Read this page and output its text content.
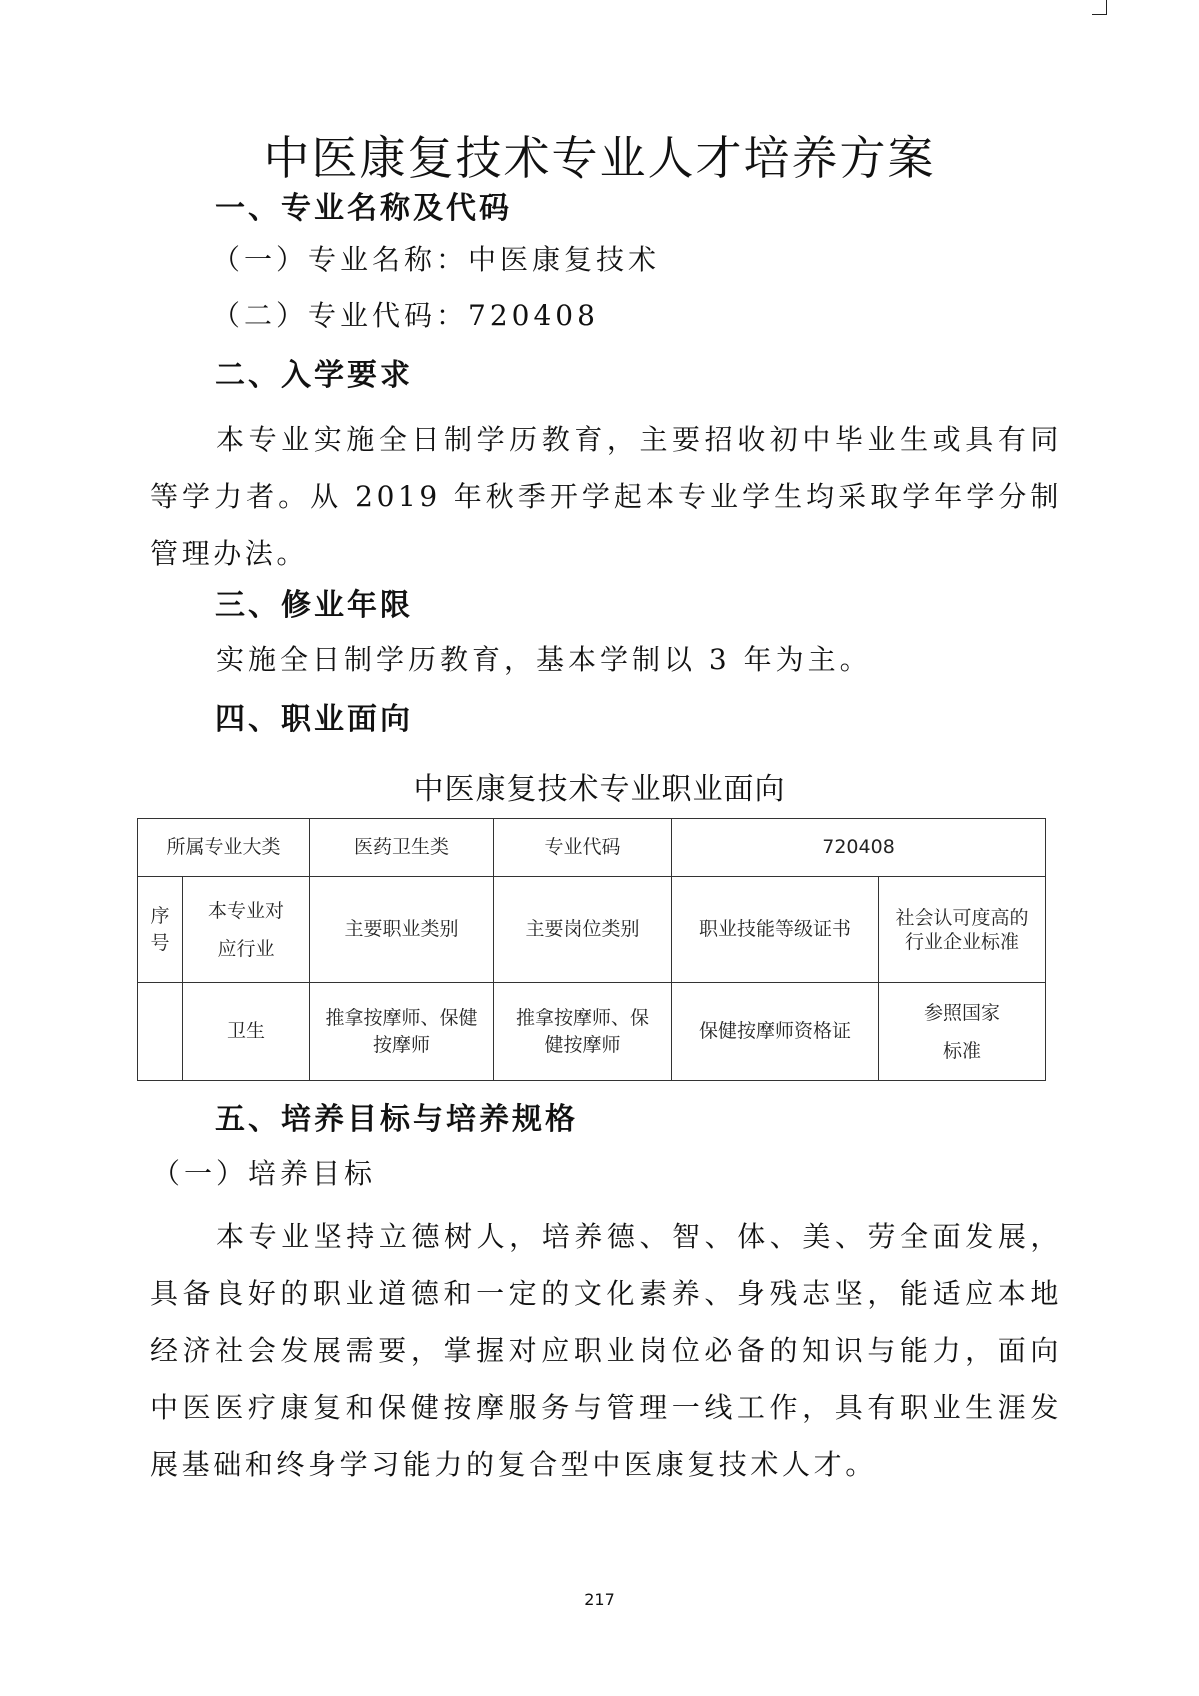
中医康复技术专业人才培养方案
一、专业名称及代码
（一）专业名称：中医康复技术
（二）专业代码：720408
二、入学要求
本专业实施全日制学历教育，主要招收初中毕业生或具有同等学力者。从 2019 年秋季开学起本专业学生均采取学年学分制管理办法。
三、修业年限
实施全日制学历教育，基本学制以 3 年为主。
四、职业面向
中医康复技术专业职业面向
所属专业大类		医药卫生类	专业代码	720408	
序号	本专业对应行业	主要职业类别	主要岗位类别	职业技能等级证书	社会认可度高的行业企业标准
	卫生	推拿按摩师、保健按摩师	推拿按摩师、保健按摩师	保健按摩师资格证	参照国家标准
五、培养目标与培养规格
（一）培养目标
本专业坚持立德树人，培养德、智、体、美、劳全面发展，具备良好的职业道德和一定的文化素养、身残志坚，能适应本地经济社会发展需要，掌握对应职业岗位必备的知识与能力，面向中医医疗康复和保健按摩服务与管理一线工作，具有职业生涯发展基础和终身学习能力的复合型中医康复技术人才。
217
